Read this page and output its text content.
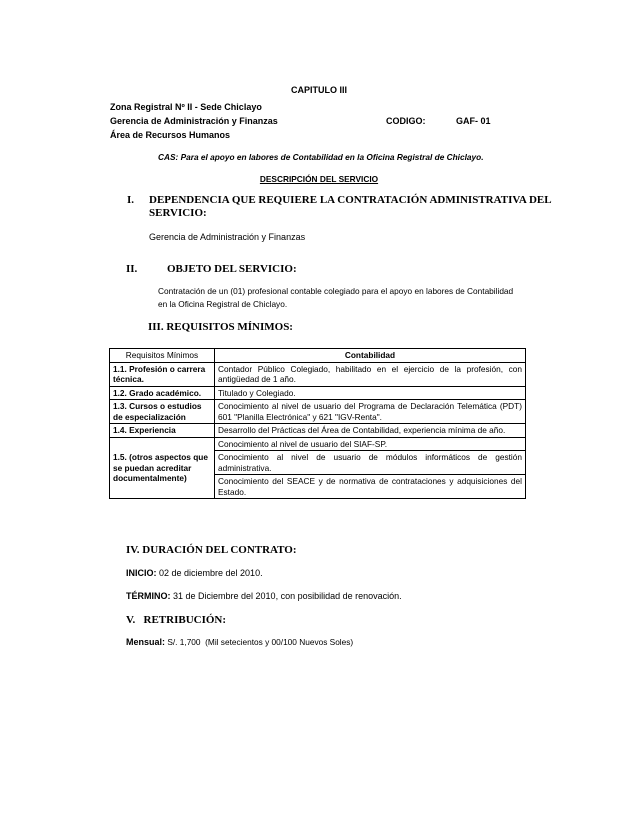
CAPITULO III
Zona Registral Nº II - Sede Chiclayo
Gerencia de Administración y Finanzas	CODIGO:	GAF- 01
Área de Recursos Humanos
CAS: Para el apoyo en labores de Contabilidad en la Oficina Registral de Chiclayo.
DESCRIPCIÓN DEL SERVICIO
I. DEPENDENCIA QUE REQUIERE LA CONTRATACIÓN ADMINISTRATIVA DEL
SERVICIO:
Gerencia de Administración y Finanzas
II.	OBJETO DEL SERVICIO:
Contratación de un (01) profesional contable colegiado para el apoyo en labores de Contabilidad
en la Oficina Registral de Chiclayo.
III. REQUISITOS MÍNIMOS:
Requisitos Mínimos	Contabilidad
1.1. Profesión o carrera técnica.	Contador Público Colegiado, habilitado en el ejercicio de la profesión, con antigüedad de 1 año.
1.2. Grado académico.	Titulado y Colegiado.
1.3. Cursos o estudios de especialización	Conocimiento al nivel de usuario del Programa de Declaración Telemática (PDT) 601 "Planilla Electrónica" y 621 "IGV-Renta".
1.4. Experiencia	Desarrollo del Prácticas del Área de Contabilidad, experiencia mínima de año.
1.5. (otros aspectos que se puedan acreditar documentalmente)	Conocimiento al nivel de usuario del SIAF-SP.
	Conocimiento al nivel de usuario de módulos informáticos de gestión administrativa.
	Conocimiento del SEACE y de normativa de contrataciones y adquisiciones del Estado.
IV. DURACIÓN DEL CONTRATO:
INICIO: 02 de diciembre del 2010.
TÉRMINO: 31 de Diciembre del 2010, con posibilidad de renovación.
V.   RETRIBUCIÓN:
Mensual: S/. 1,700  (Mil setecientos y 00/100 Nuevos Soles)
